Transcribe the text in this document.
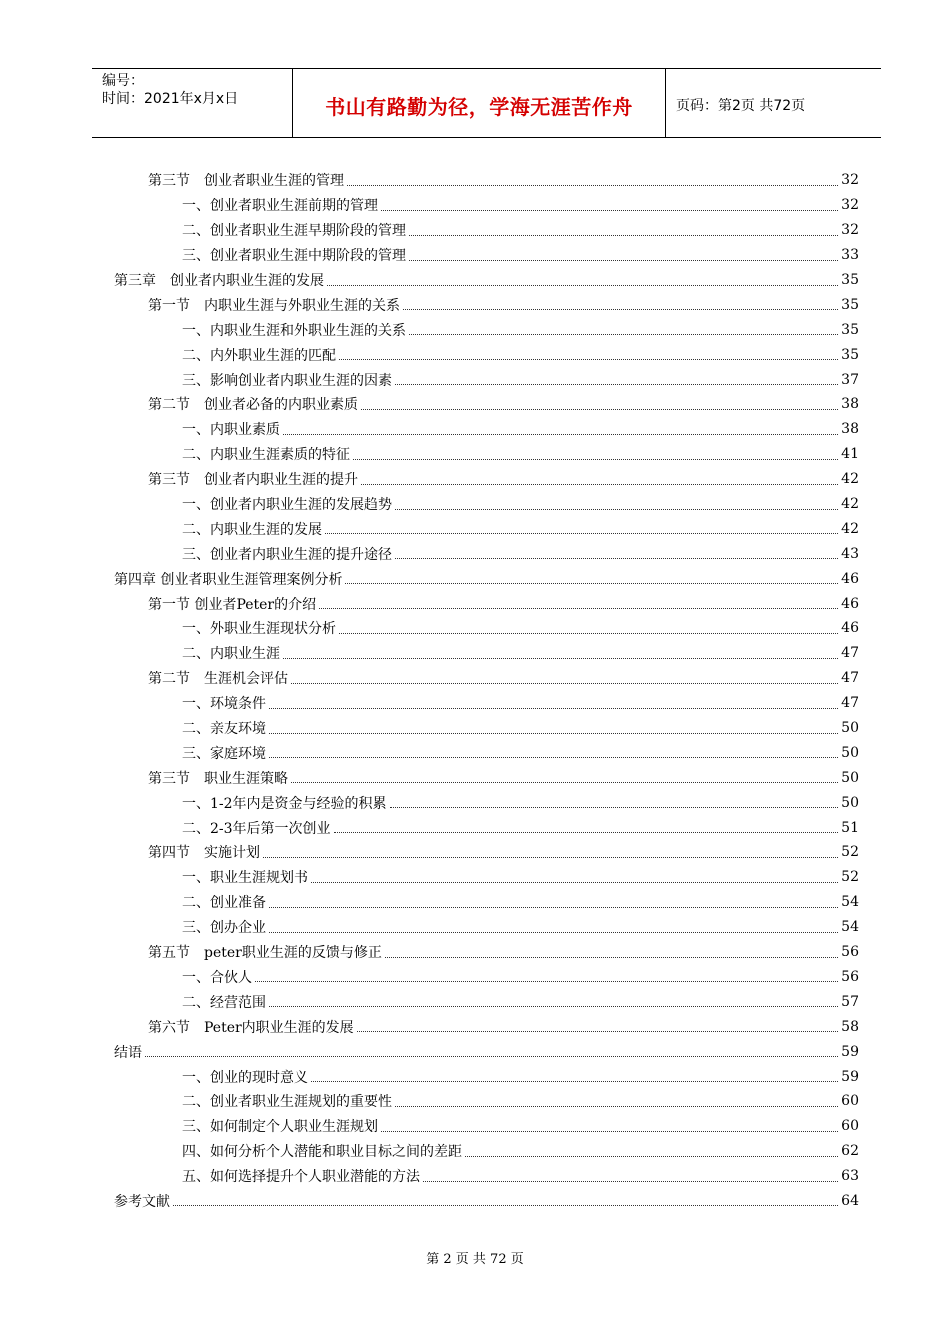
编号：
时间：2021年x月x日	书山有路勤为径，学海无涯苦作舟	页码：第2页 共72页
第三节　创业者职业生涯的管理	32
一、创业者职业生涯前期的管理	32
二、创业者职业生涯早期阶段的管理	32
三、创业者职业生涯中期阶段的管理	33
第三章　创业者内职业生涯的发展	35
第一节　内职业生涯与外职业生涯的关系	35
一、内职业生涯和外职业生涯的关系	35
二、内外职业生涯的匹配	35
三、影响创业者内职业生涯的因素	37
第二节　创业者必备的内职业素质	38
一、内职业素质	38
二、内职业生涯素质的特征	41
第三节　创业者内职业生涯的提升	42
一、创业者内职业生涯的发展趋势	42
二、内职业生涯的发展	42
三、创业者内职业生涯的提升途径	43
第四章 创业者职业生涯管理案例分析	46
第一节 创业者Peter的介绍	46
一、外职业生涯现状分析	46
二、内职业生涯	47
第二节　生涯机会评估	47
一、环境条件	47
二、亲友环境	50
三、家庭环境	50
第三节　职业生涯策略	50
一、1-2年内是资金与经验的积累	50
二、2-3年后第一次创业	51
第四节　实施计划	52
一、职业生涯规划书	52
二、创业准备	54
三、创办企业	54
第五节　peter职业生涯的反馈与修正	56
一、合伙人	56
二、经营范围	57
第六节　Peter内职业生涯的发展	58
结语	59
一、创业的现时意义	59
二、创业者职业生涯规划的重要性	60
三、如何制定个人职业生涯规划	60
四、如何分析个人潜能和职业目标之间的差距	62
五、如何选择提升个人职业潜能的方法	63
参考文献	64
第 2 页 共 72 页
